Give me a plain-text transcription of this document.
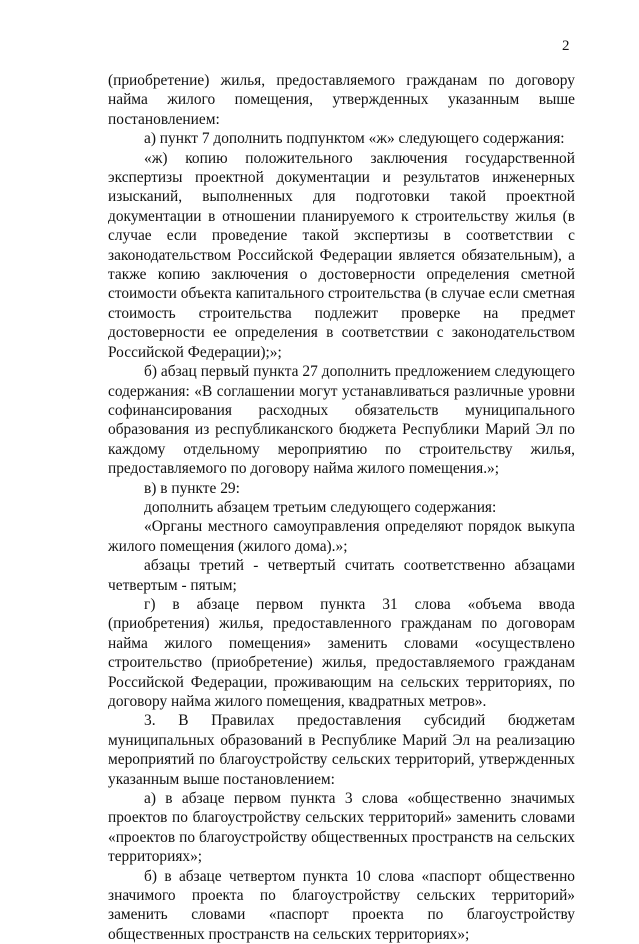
2

(приобретение) жилья, предоставляемого гражданам по договору найма жилого помещения, утвержденных указанным выше постановлением:

а) пункт 7 дополнить подпунктом «ж» следующего содержания:

«ж) копию положительного заключения государственной экспертизы проектной документации и результатов инженерных изысканий, выполненных для подготовки такой проектной документации в отношении планируемого к строительству жилья (в случае если проведение такой экспертизы в соответствии с законодательством Российской Федерации является обязательным), а также копию заключения о достоверности определения сметной стоимости объекта капитального строительства (в случае если сметная стоимость строительства подлежит проверке на предмет достоверности ее определения в соответствии с законодательством Российской Федерации);»;

б) абзац первый пункта 27 дополнить предложением следующего содержания: «В соглашении могут устанавливаться различные уровни софинансирования расходных обязательств муниципального образования из республиканского бюджета Республики Марий Эл по каждому отдельному мероприятию по строительству жилья, предоставляемого по договору найма жилого помещения.»;

в) в пункте 29:

дополнить абзацем третьим следующего содержания:

«Органы местного самоуправления определяют порядок выкупа жилого помещения (жилого дома).»;

абзацы третий - четвертый считать соответственно абзацами четвертым - пятым;

г) в абзаце первом пункта 31 слова «объема ввода (приобретения) жилья, предоставленного гражданам по договорам найма жилого помещения» заменить словами «осуществлено строительство (приобретение) жилья, предоставляемого гражданам Российской Федерации, проживающим на сельских территориях, по договору найма жилого помещения, квадратных метров».

3. В Правилах предоставления субсидий бюджетам муниципальных образований в Республике Марий Эл на реализацию мероприятий по благоустройству сельских территорий, утвержденных указанным выше постановлением:

а) в абзаце первом пункта 3 слова «общественно значимых проектов по благоустройству сельских территорий» заменить словами «проектов по благоустройству общественных пространств на сельских территориях»;

б) в абзаце четвертом пункта 10 слова «паспорт общественно значимого проекта по благоустройству сельских территорий» заменить словами «паспорт проекта по благоустройству общественных пространств на сельских территориях»;
